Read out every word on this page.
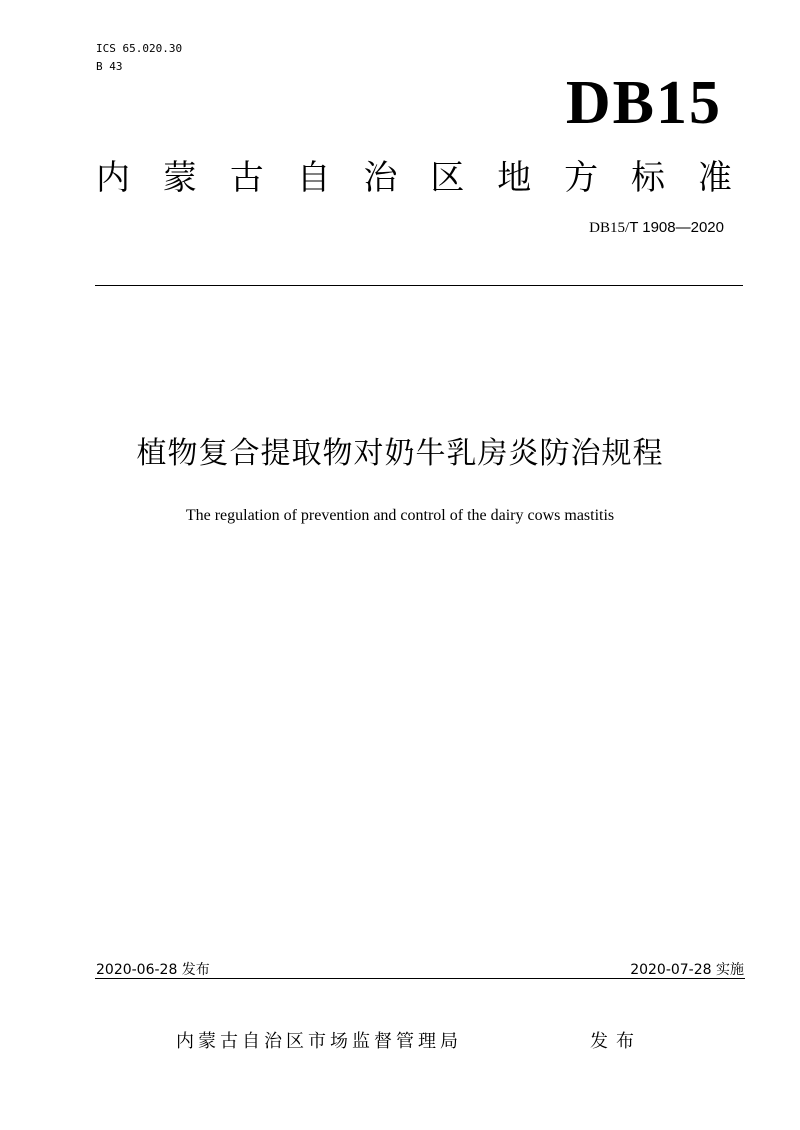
ICS 65.020.30
B 43
DB15
内 蒙 古 自 治 区 地 方 标 准
DB15/T 1908—2020
植物复合提取物对奶牛乳房炎防治规程
The regulation of prevention and control of the dairy cows mastitis
2020-06-28 发布	2020-07-28 实施
内蒙古自治区市场监督管理局	发布
